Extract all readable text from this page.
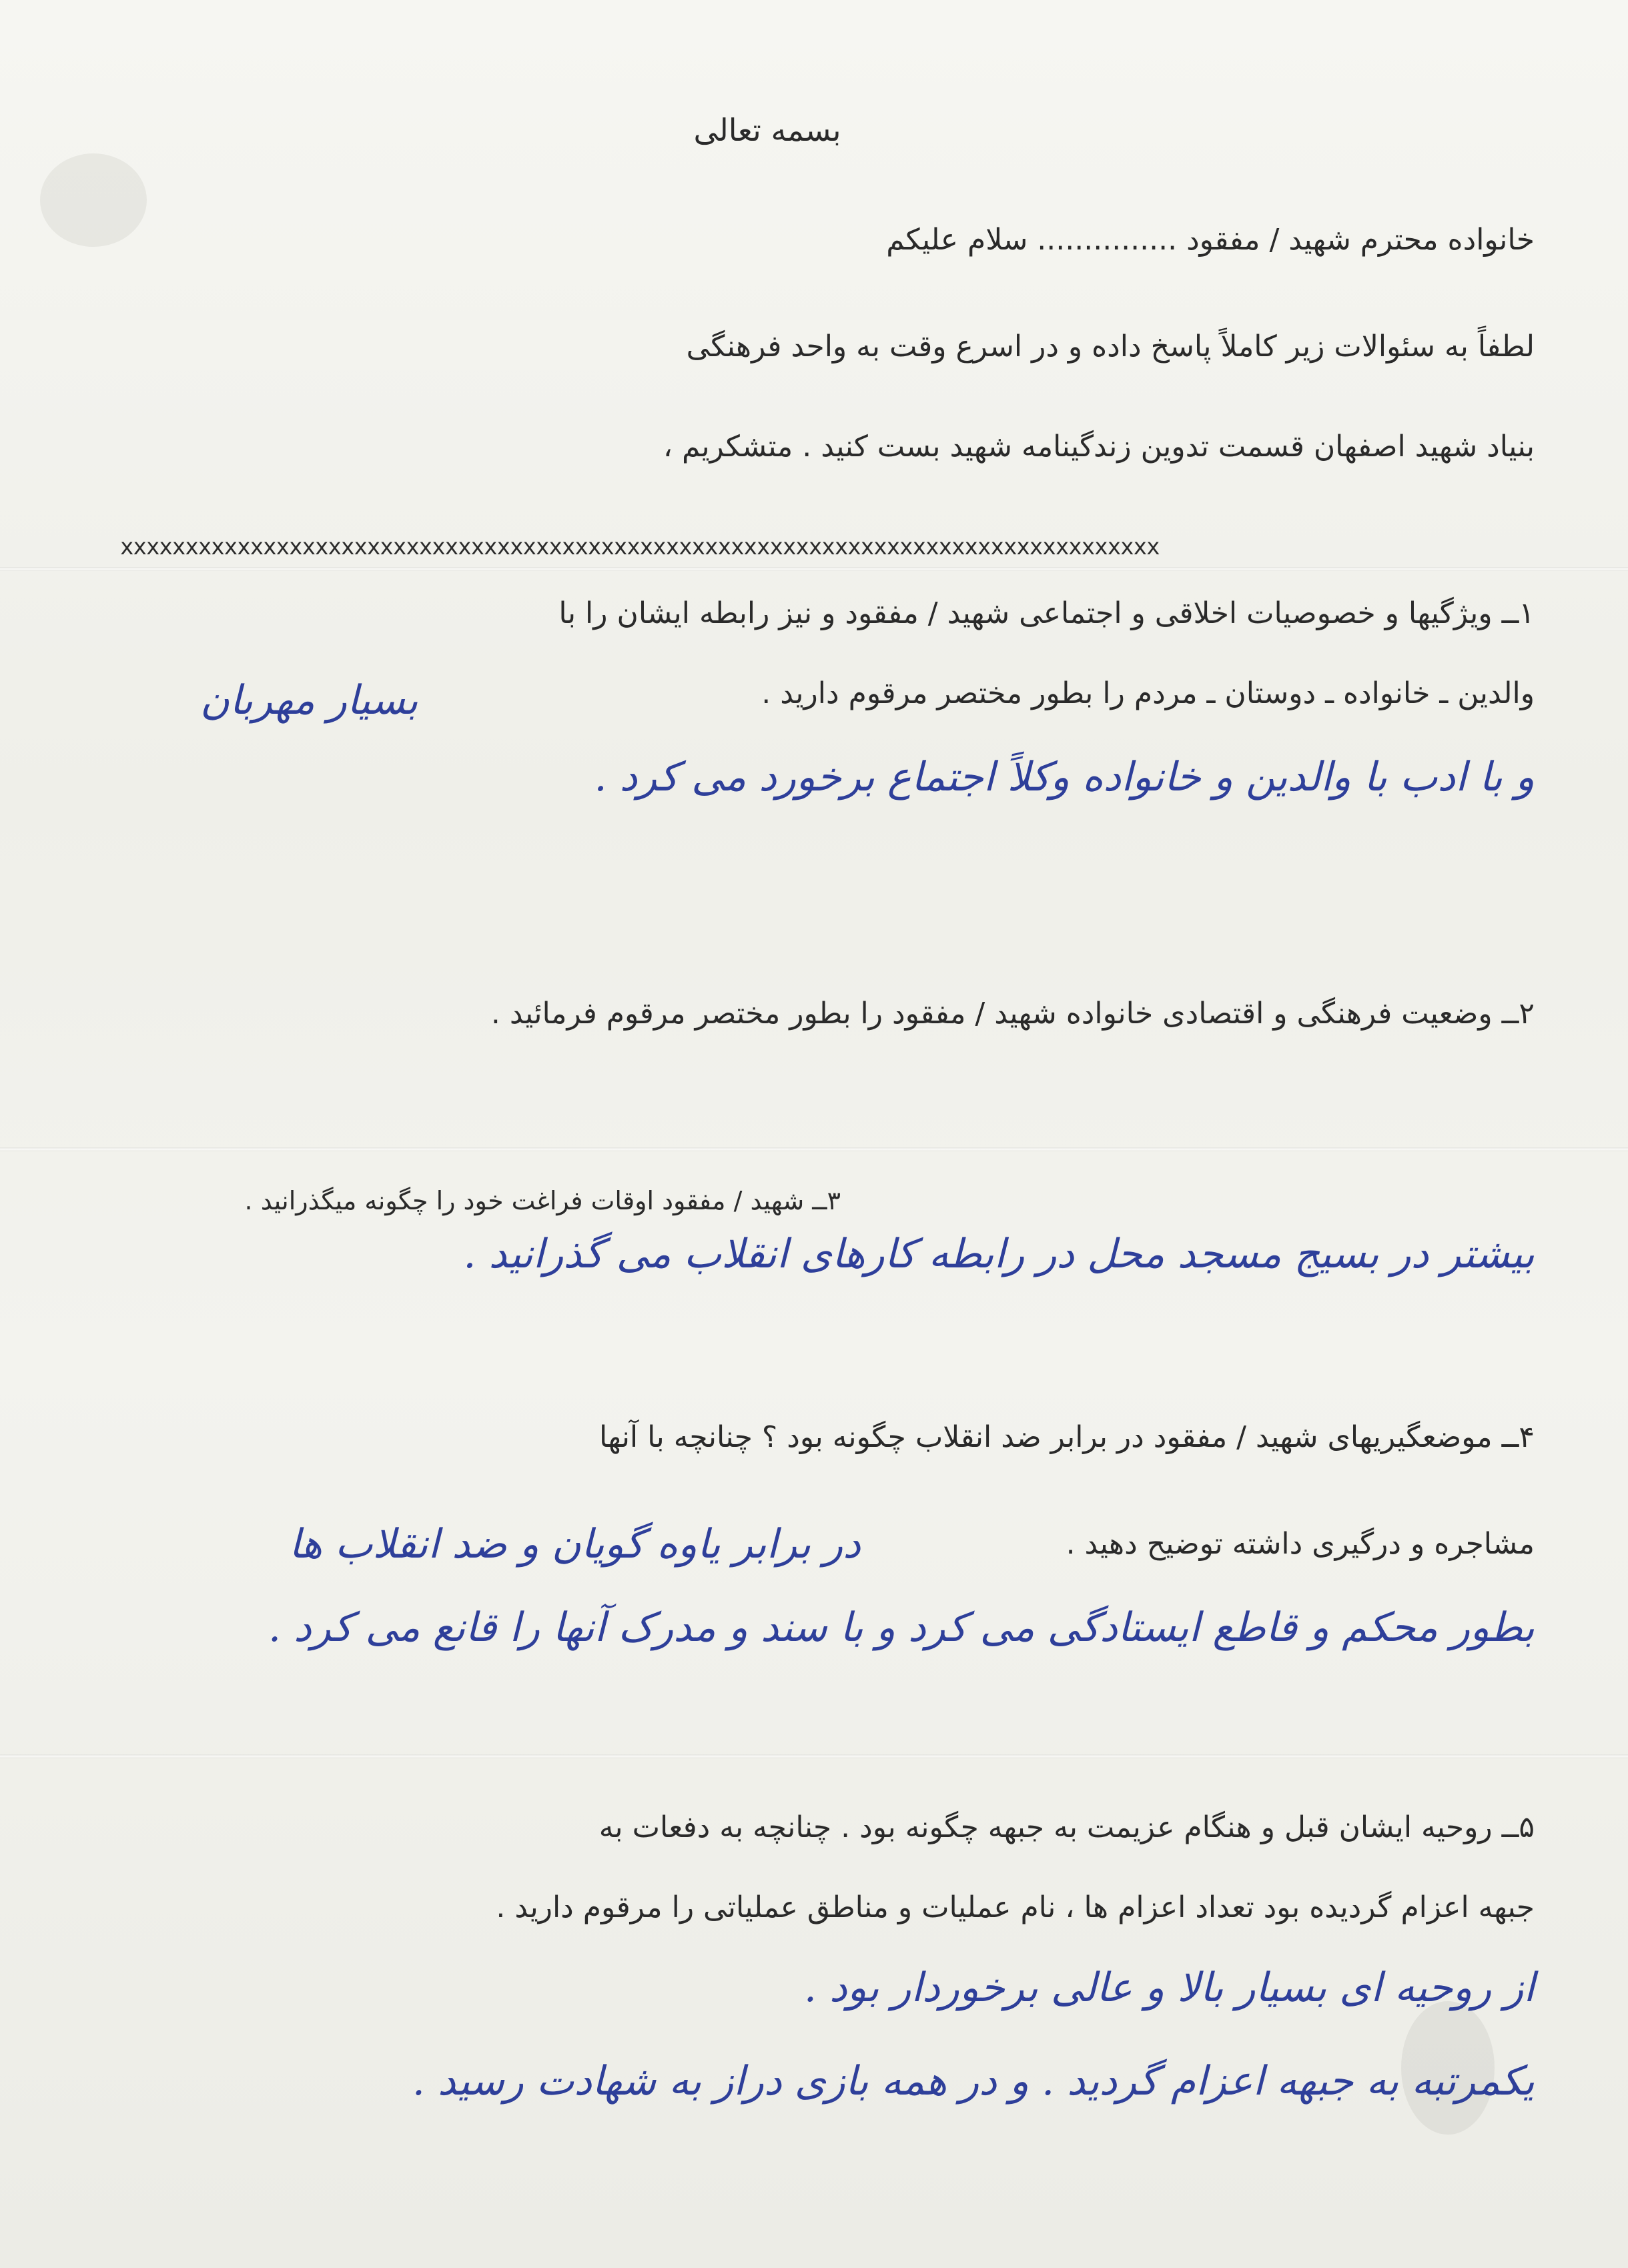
بسمه تعالی
خانواده محترم شهید / مفقود ............... سلام علیکم
لطفاً به سئوالات زیر کاملاً پاسخ داده و در اسرع وقت به واحد فرهنگی
بنیاد شهید اصفهان قسمت تدوین زندگینامه شهید بست کنید . متشکریم ،
xxxxxxxxxxxxxxxxxxxxxxxxxxxxxxxxxxxxxxxxxxxxxxxxxxxxxxxxxxxxxxxxxxxxxxxxxxxxxxxx
۱ــ ویژگیها و خصوصیات اخلاقی و اجتماعی شهید / مفقود و نیز رابطه ایشان را با
والدین ـ خانواده ـ دوستان ـ مردم را بطور مختصر مرقوم دارید .
بسیار مهربان
و با ادب با والدین و خانواده وکلاً اجتماع برخورد می کرد .
۲ــ وضعیت فرهنگی و اقتصادی خانواده شهید / مفقود را بطور مختصر مرقوم فرمائید .
۳ــ شهید / مفقود اوقات فراغت خود را چگونه میگذرانید .
بیشتر در بسیج مسجد محل در رابطه کارهای انقلاب می گذرانید .
۴ــ موضعگیریهای شهید / مفقود در برابر ضد انقلاب چگونه بود ؟ چنانچه با آنها
مشاجره و درگیری داشته توضیح دهید .
در برابر یاوه گویان و ضد انقلاب ها
بطور محکم و قاطع ایستادگی می کرد و با سند و مدرک آنها را قانع می کرد .
۵ــ روحیه ایشان قبل و هنگام عزیمت به جبهه چگونه بود . چنانچه به دفعات به
جبهه اعزام گردیده بود تعداد اعزام ها ، نام عملیات و مناطق عملیاتی را مرقوم دارید .
از روحیه ای بسیار بالا و عالی برخوردار بود .
یکمرتبه به جبهه اعزام گردید . و در همه بازی دراز به شهادت رسید .
